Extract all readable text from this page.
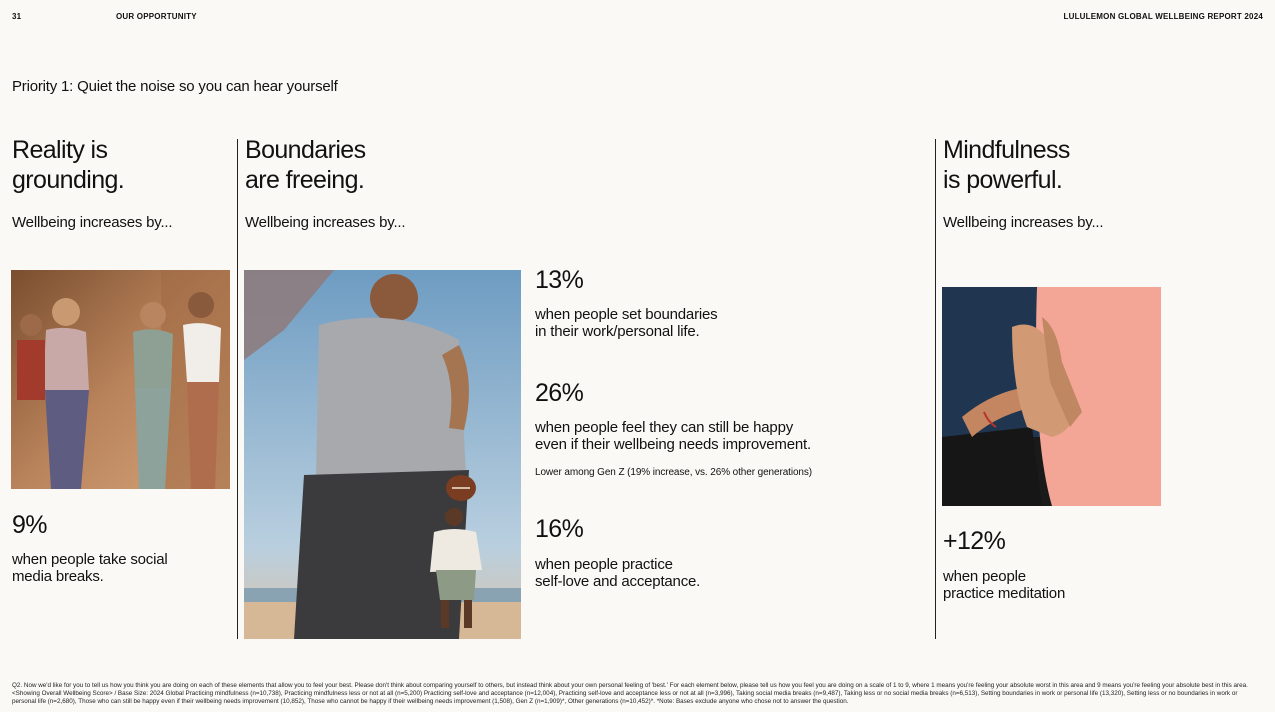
31	OUR OPPORTUNITY	LULULEMON GLOBAL WELLBEING REPORT 2024
Priority 1: Quiet the noise so you can hear yourself
Reality is
grounding.
Wellbeing increases by...
9%
when people take social
media breaks.
Boundaries
are freeing.
Wellbeing increases by...
13%
when people set boundaries
in their work/personal life.
26%
when people feel they can still be happy
even if their wellbeing needs improvement.
Lower among Gen Z (19% increase, vs. 26% other generations)
16%
when people practice
self-love and acceptance.
Mindfulness
is powerful.
Wellbeing increases by...
+12%
when people
practice meditation
Q2. Now we'd like for you to tell us how you think you are doing on each of these elements that allow you to feel your best. Please don't think about comparing yourself to others, but instead think about your own personal feeling of 'best.' For each element below, please tell us how you feel you are doing on a scale of 1 to 9, where 1 means you're feeling your absolute worst in this area and 9 means you're feeling your absolute best in this area. <Showing Overall Wellbeing Score> / Base Size: 2024 Global Practicing mindfulness (n=10,738), Practicing mindfulness less or not at all (n=5,200) Practicing self-love and acceptance (n=12,004), Practicing self-love and acceptance less or not at all (n=3,996), Taking social media breaks (n=9,487), Taking less or no social media breaks (n=6,513), Setting boundaries in work or personal life (13,320), Setting less or no boundaries in work or personal life (n=2,680), Those who can still be happy even if their wellbeing needs improvement (10,852), Those who cannot be happy if their wellbeing needs improvement (1,508), Gen Z (n=1,909)*, Other generations (n=10,452)*. *Note: Bases exclude anyone who chose not to answer the question.
